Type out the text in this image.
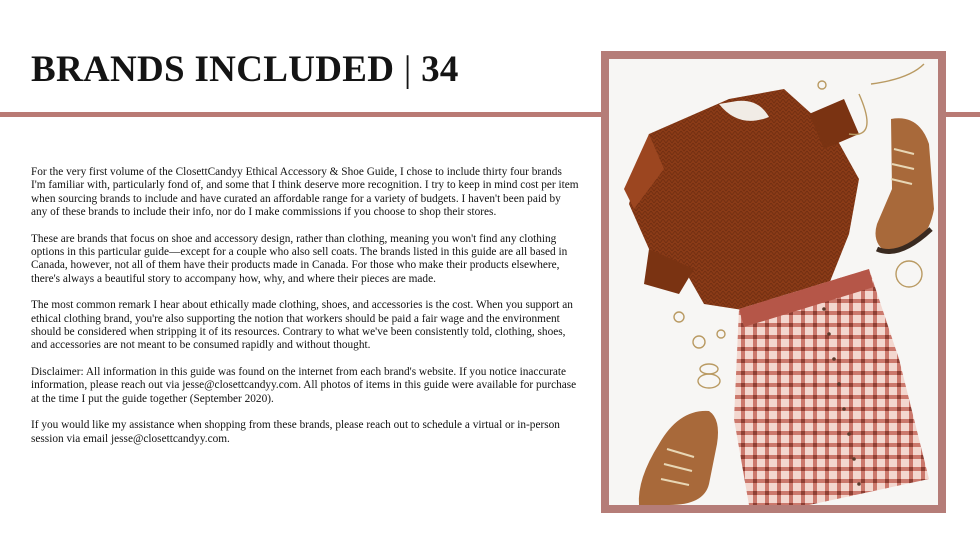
BRANDS INCLUDED | 34

For the very first volume of the ClosettCandyy Ethical Accessory & Shoe Guide, I chose to include thirty four brands I'm familiar with, particularly fond of, and some that I think deserve more recognition. I try to keep in mind cost per item when sourcing brands to include and have curated an affordable range for a variety of budgets. I haven't been paid by any of these brands to include their info, nor do I make commissions if you choose to shop their stores.

These are brands that focus on shoe and accessory design, rather than clothing, meaning you won't find any clothing options in this particular guide—except for a couple who also sell coats. The brands listed in this guide are all based in Canada, however, not all of them have their products made in Canada. For those who make their products elsewhere, there's always a beautiful story to accompany how, why, and where their pieces are made.

The most common remark I hear about ethically made clothing, shoes, and accessories is the cost. When you support an ethical clothing brand, you're also supporting the notion that workers should be paid a fair wage and the environment should be considered when stripping it of its resources. Contrary to what we've been consistently told, clothing, shoes, and accessories are not meant to be consumed rapidly and without thought.

Disclaimer: All information in this guide was found on the internet from each brand's website. If you notice inaccurate information, please reach out via jesse@closettcandyy.com. All photos of items in this guide were available for purchase at the time I put the guide together (September 2020).

If you would like my assistance when shopping from these brands, please reach out to schedule a virtual or in-person session via email jesse@closettcandyy.com.
